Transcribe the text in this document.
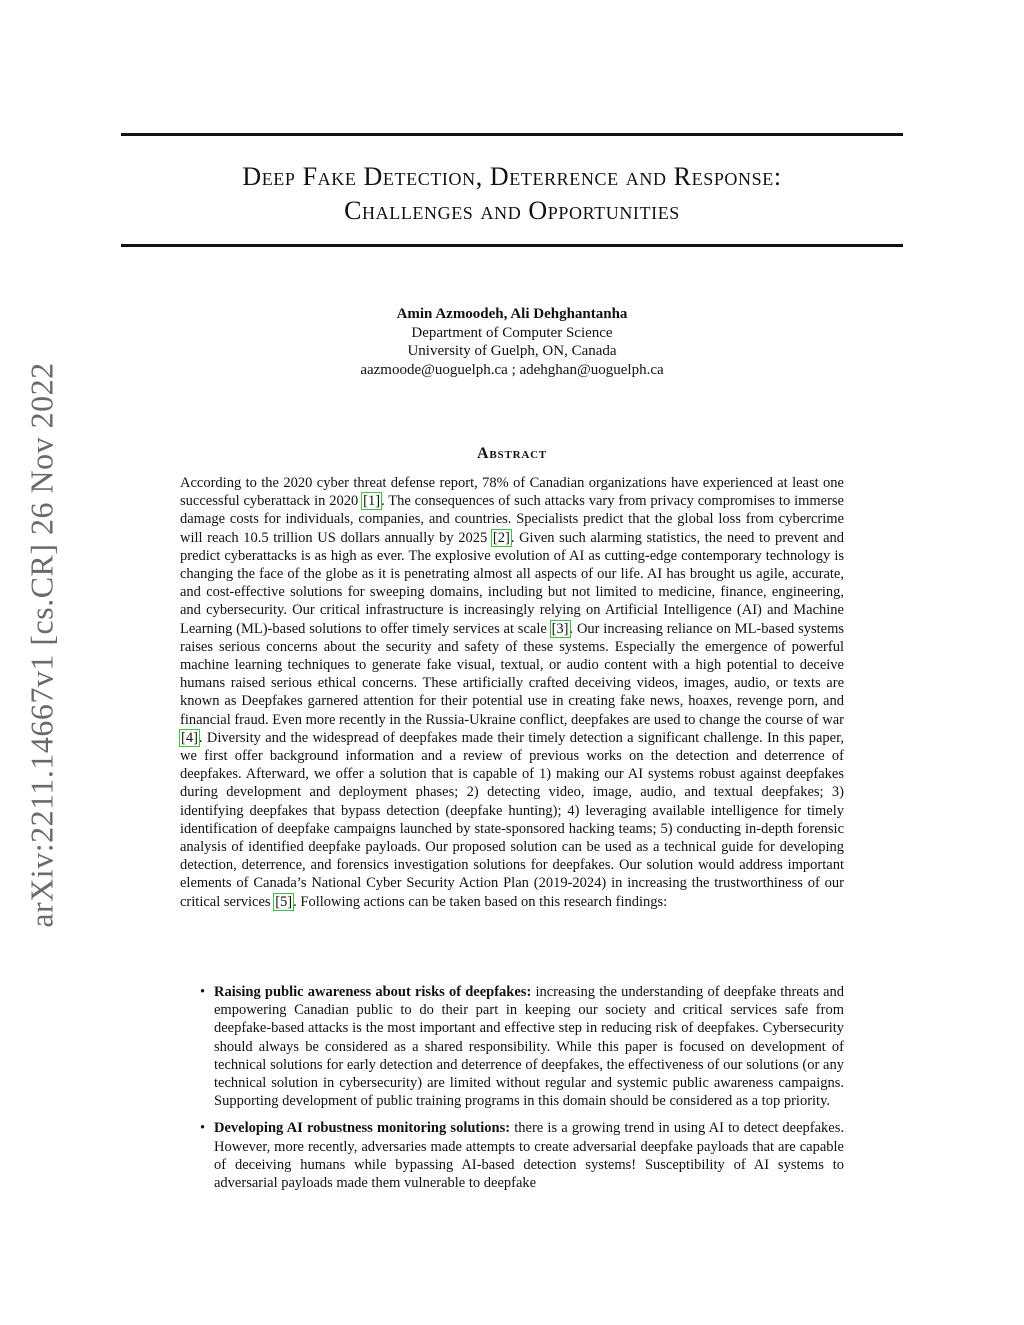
arXiv:2211.14667v1 [cs.CR] 26 Nov 2022
Deep Fake Detection, Deterrence and Response:
Challenges and Opportunities
Amin Azmoodeh, Ali Dehghantanha
Department of Computer Science
University of Guelph, ON, Canada
aazmoode@uoguelph.ca ; adehghan@uoguelph.ca
Abstract

According to the 2020 cyber threat defense report, 78% of Canadian organizations have experienced at least one successful cyberattack in 2020 [1]. The consequences of such attacks vary from privacy compromises to immerse damage costs for individuals, companies, and countries. Specialists predict that the global loss from cybercrime will reach 10.5 trillion US dollars annually by 2025 [2]. Given such alarming statistics, the need to prevent and predict cyberattacks is as high as ever. The explosive evolution of AI as cutting-edge contemporary technology is changing the face of the globe as it is penetrating almost all aspects of our life. AI has brought us agile, accurate, and cost-effective solutions for sweeping domains, including but not limited to medicine, finance, engineering, and cybersecurity. Our critical infrastructure is increasingly relying on Artificial Intelligence (AI) and Machine Learning (ML)-based solutions to offer timely services at scale [3]. Our increasing reliance on ML-based systems raises serious concerns about the security and safety of these systems. Especially the emergence of powerful machine learning techniques to generate fake visual, textual, or audio content with a high potential to deceive humans raised serious ethical concerns. These artificially crafted deceiving videos, images, audio, or texts are known as Deepfakes garnered attention for their potential use in creating fake news, hoaxes, revenge porn, and financial fraud. Even more recently in the Russia-Ukraine conflict, deepfakes are used to change the course of war [4]. Diversity and the widespread of deepfakes made their timely detection a significant challenge. In this paper, we first offer background information and a review of previous works on the detection and deterrence of deepfakes. Afterward, we offer a solution that is capable of 1) making our AI systems robust against deepfakes during development and deployment phases; 2) detecting video, image, audio, and textual deepfakes; 3) identifying deepfakes that bypass detection (deepfake hunting); 4) leveraging available intelligence for timely identification of deepfake campaigns launched by state-sponsored hacking teams; 5) conducting in-depth forensic analysis of identified deepfake payloads. Our proposed solution can be used as a technical guide for developing detection, deterrence, and forensics investigation solutions for deepfakes. Our solution would address important elements of Canada’s National Cyber Security Action Plan (2019-2024) in increasing the trustworthiness of our critical services [5]. Following actions can be taken based on this research findings:

• Raising public awareness about risks of deepfakes: increasing the understanding of deepfake threats and empowering Canadian public to do their part in keeping our society and critical services safe from deepfake-based attacks is the most important and effective step in reducing risk of deepfakes. Cybersecurity should always be considered as a shared responsibility. While this paper is focused on development of technical solutions for early detection and deterrence of deepfakes, the effectiveness of our solutions (or any technical solution in cybersecurity) are limited without regular and systemic public awareness campaigns. Supporting development of public training programs in this domain should be considered as a top priority.
• Developing AI robustness monitoring solutions: there is a growing trend in using AI to detect deepfakes. However, more recently, adversaries made attempts to create adversarial deepfake payloads that are capable of deceiving humans while bypassing AI-based detection systems! Susceptibility of AI systems to adversarial payloads made them vulnerable to deepfake
